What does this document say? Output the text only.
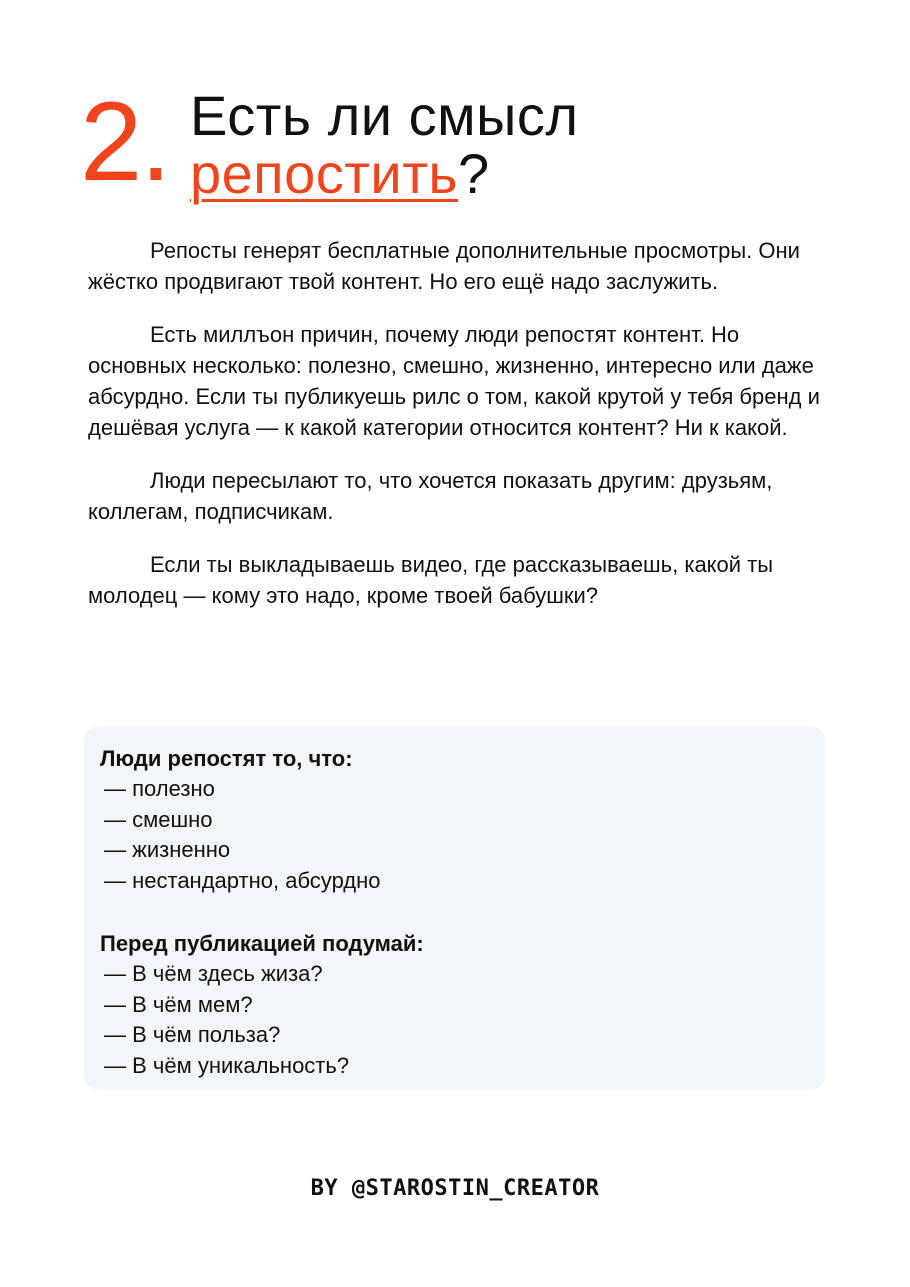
2. Есть ли смысл
репостить?

Репосты генерят бесплатные дополнительные просмотры. Они жёстко продвигают твой контент. Но его ещё надо заслужить.

Есть миллъон причин, почему люди репостят контент. Но основных несколько: полезно, смешно, жизненно, интересно или даже абсурдно. Если ты публикуешь рилс о том, какой крутой у тебя бренд и дешёвая услуга — к какой категории относится контент? Ни к какой.

Люди пересылают то, что хочется показать другим: друзьям, коллегам, подписчикам.

Если ты выкладываешь видео, где рассказываешь, какой ты молодец — кому это надо, кроме твоей бабушки?

Люди репостят то, что:
— полезно
— смешно
— жизненно
— нестандартно, абсурдно
Перед публикацией подумай:
— В чём здесь жиза?
— В чём мем?
— В чём польза?
— В чём уникальность?
BY @STAROSTIN_CREATOR
